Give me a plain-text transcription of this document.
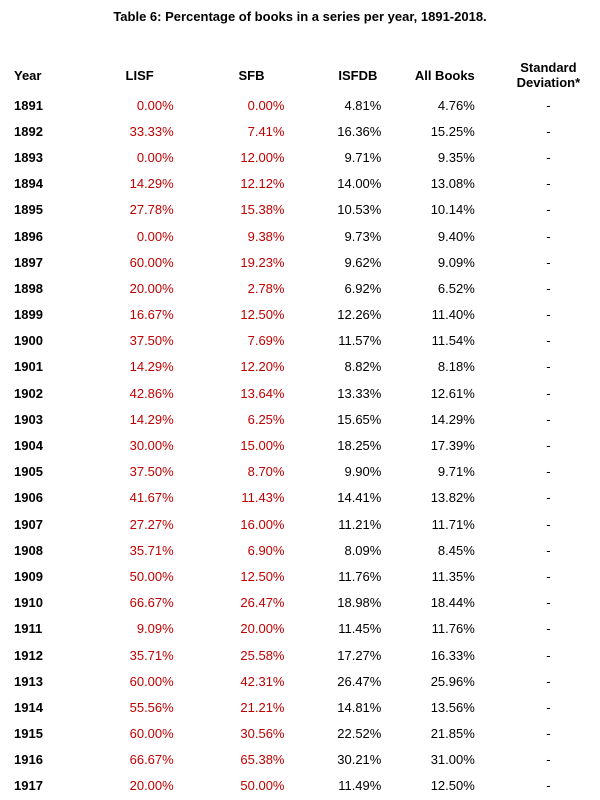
Table 6: Percentage of books in a series per year, 1891-2018.
Year	LISF	SFB	ISFDB	All Books	Standard Deviation*
1891	0.00%	0.00%	4.81%	4.76%	-
1892	33.33%	7.41%	16.36%	15.25%	-
1893	0.00%	12.00%	9.71%	9.35%	-
1894	14.29%	12.12%	14.00%	13.08%	-
1895	27.78%	15.38%	10.53%	10.14%	-
1896	0.00%	9.38%	9.73%	9.40%	-
1897	60.00%	19.23%	9.62%	9.09%	-
1898	20.00%	2.78%	6.92%	6.52%	-
1899	16.67%	12.50%	12.26%	11.40%	-
1900	37.50%	7.69%	11.57%	11.54%	-
1901	14.29%	12.20%	8.82%	8.18%	-
1902	42.86%	13.64%	13.33%	12.61%	-
1903	14.29%	6.25%	15.65%	14.29%	-
1904	30.00%	15.00%	18.25%	17.39%	-
1905	37.50%	8.70%	9.90%	9.71%	-
1906	41.67%	11.43%	14.41%	13.82%	-
1907	27.27%	16.00%	11.21%	11.71%	-
1908	35.71%	6.90%	8.09%	8.45%	-
1909	50.00%	12.50%	11.76%	11.35%	-
1910	66.67%	26.47%	18.98%	18.44%	-
1911	9.09%	20.00%	11.45%	11.76%	-
1912	35.71%	25.58%	17.27%	16.33%	-
1913	60.00%	42.31%	26.47%	25.96%	-
1914	55.56%	21.21%	14.81%	13.56%	-
1915	60.00%	30.56%	22.52%	21.85%	-
1916	66.67%	65.38%	30.21%	31.00%	-
1917	20.00%	50.00%	11.49%	12.50%	-
